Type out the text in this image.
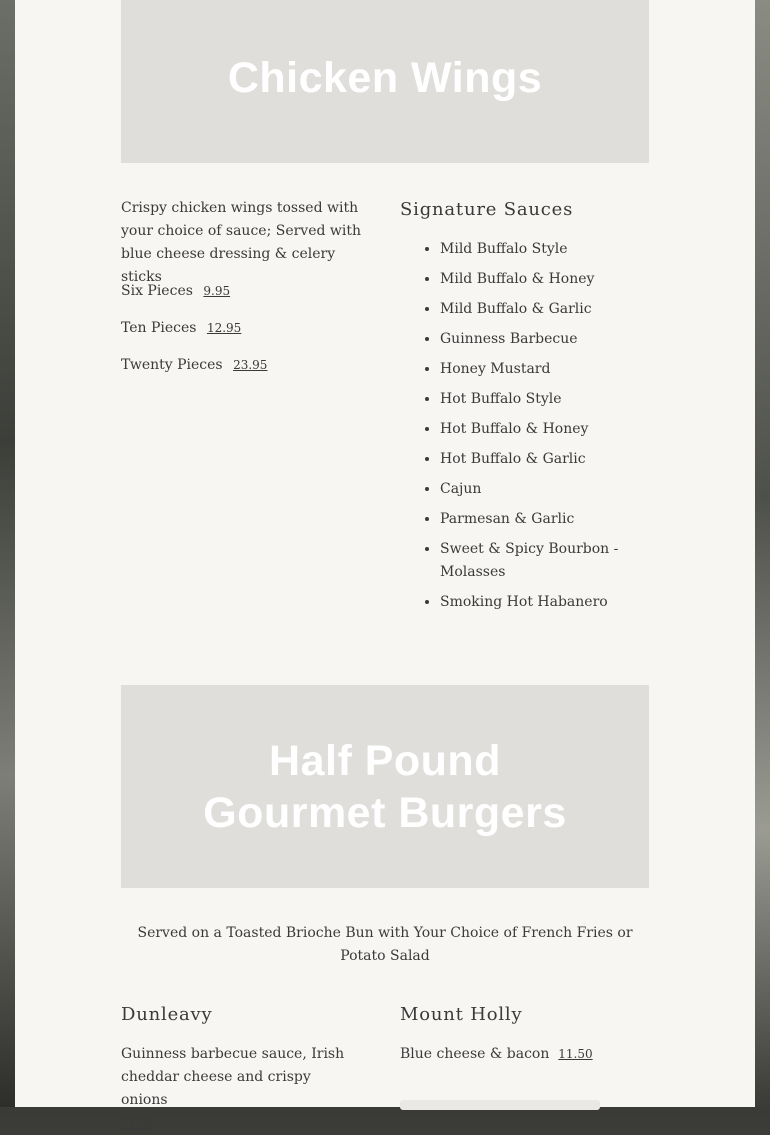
Chicken Wings
Crispy chicken wings tossed with your choice of sauce; Served with blue cheese dressing & celery sticks
Six Pieces 9.95
Ten Pieces 12.95
Twenty Pieces 23.95
Signature Sauces
• Mild Buffalo Style
• Mild Buffalo & Honey
• Mild Buffalo & Garlic
• Guinness Barbecue
• Honey Mustard
• Hot Buffalo Style
• Hot Buffalo & Honey
• Hot Buffalo & Garlic
• Cajun
• Parmesan & Garlic
• Sweet & Spicy Bourbon - Molasses
• Smoking Hot Habanero
Half Pound Gourmet Burgers
Served on a Toasted Brioche Bun with Your Choice of French Fries or Potato Salad
Dunleavy
Guinness barbecue sauce, Irish cheddar cheese and crispy onions
11.95
Mount Holly
Blue cheese & bacon 11.50
